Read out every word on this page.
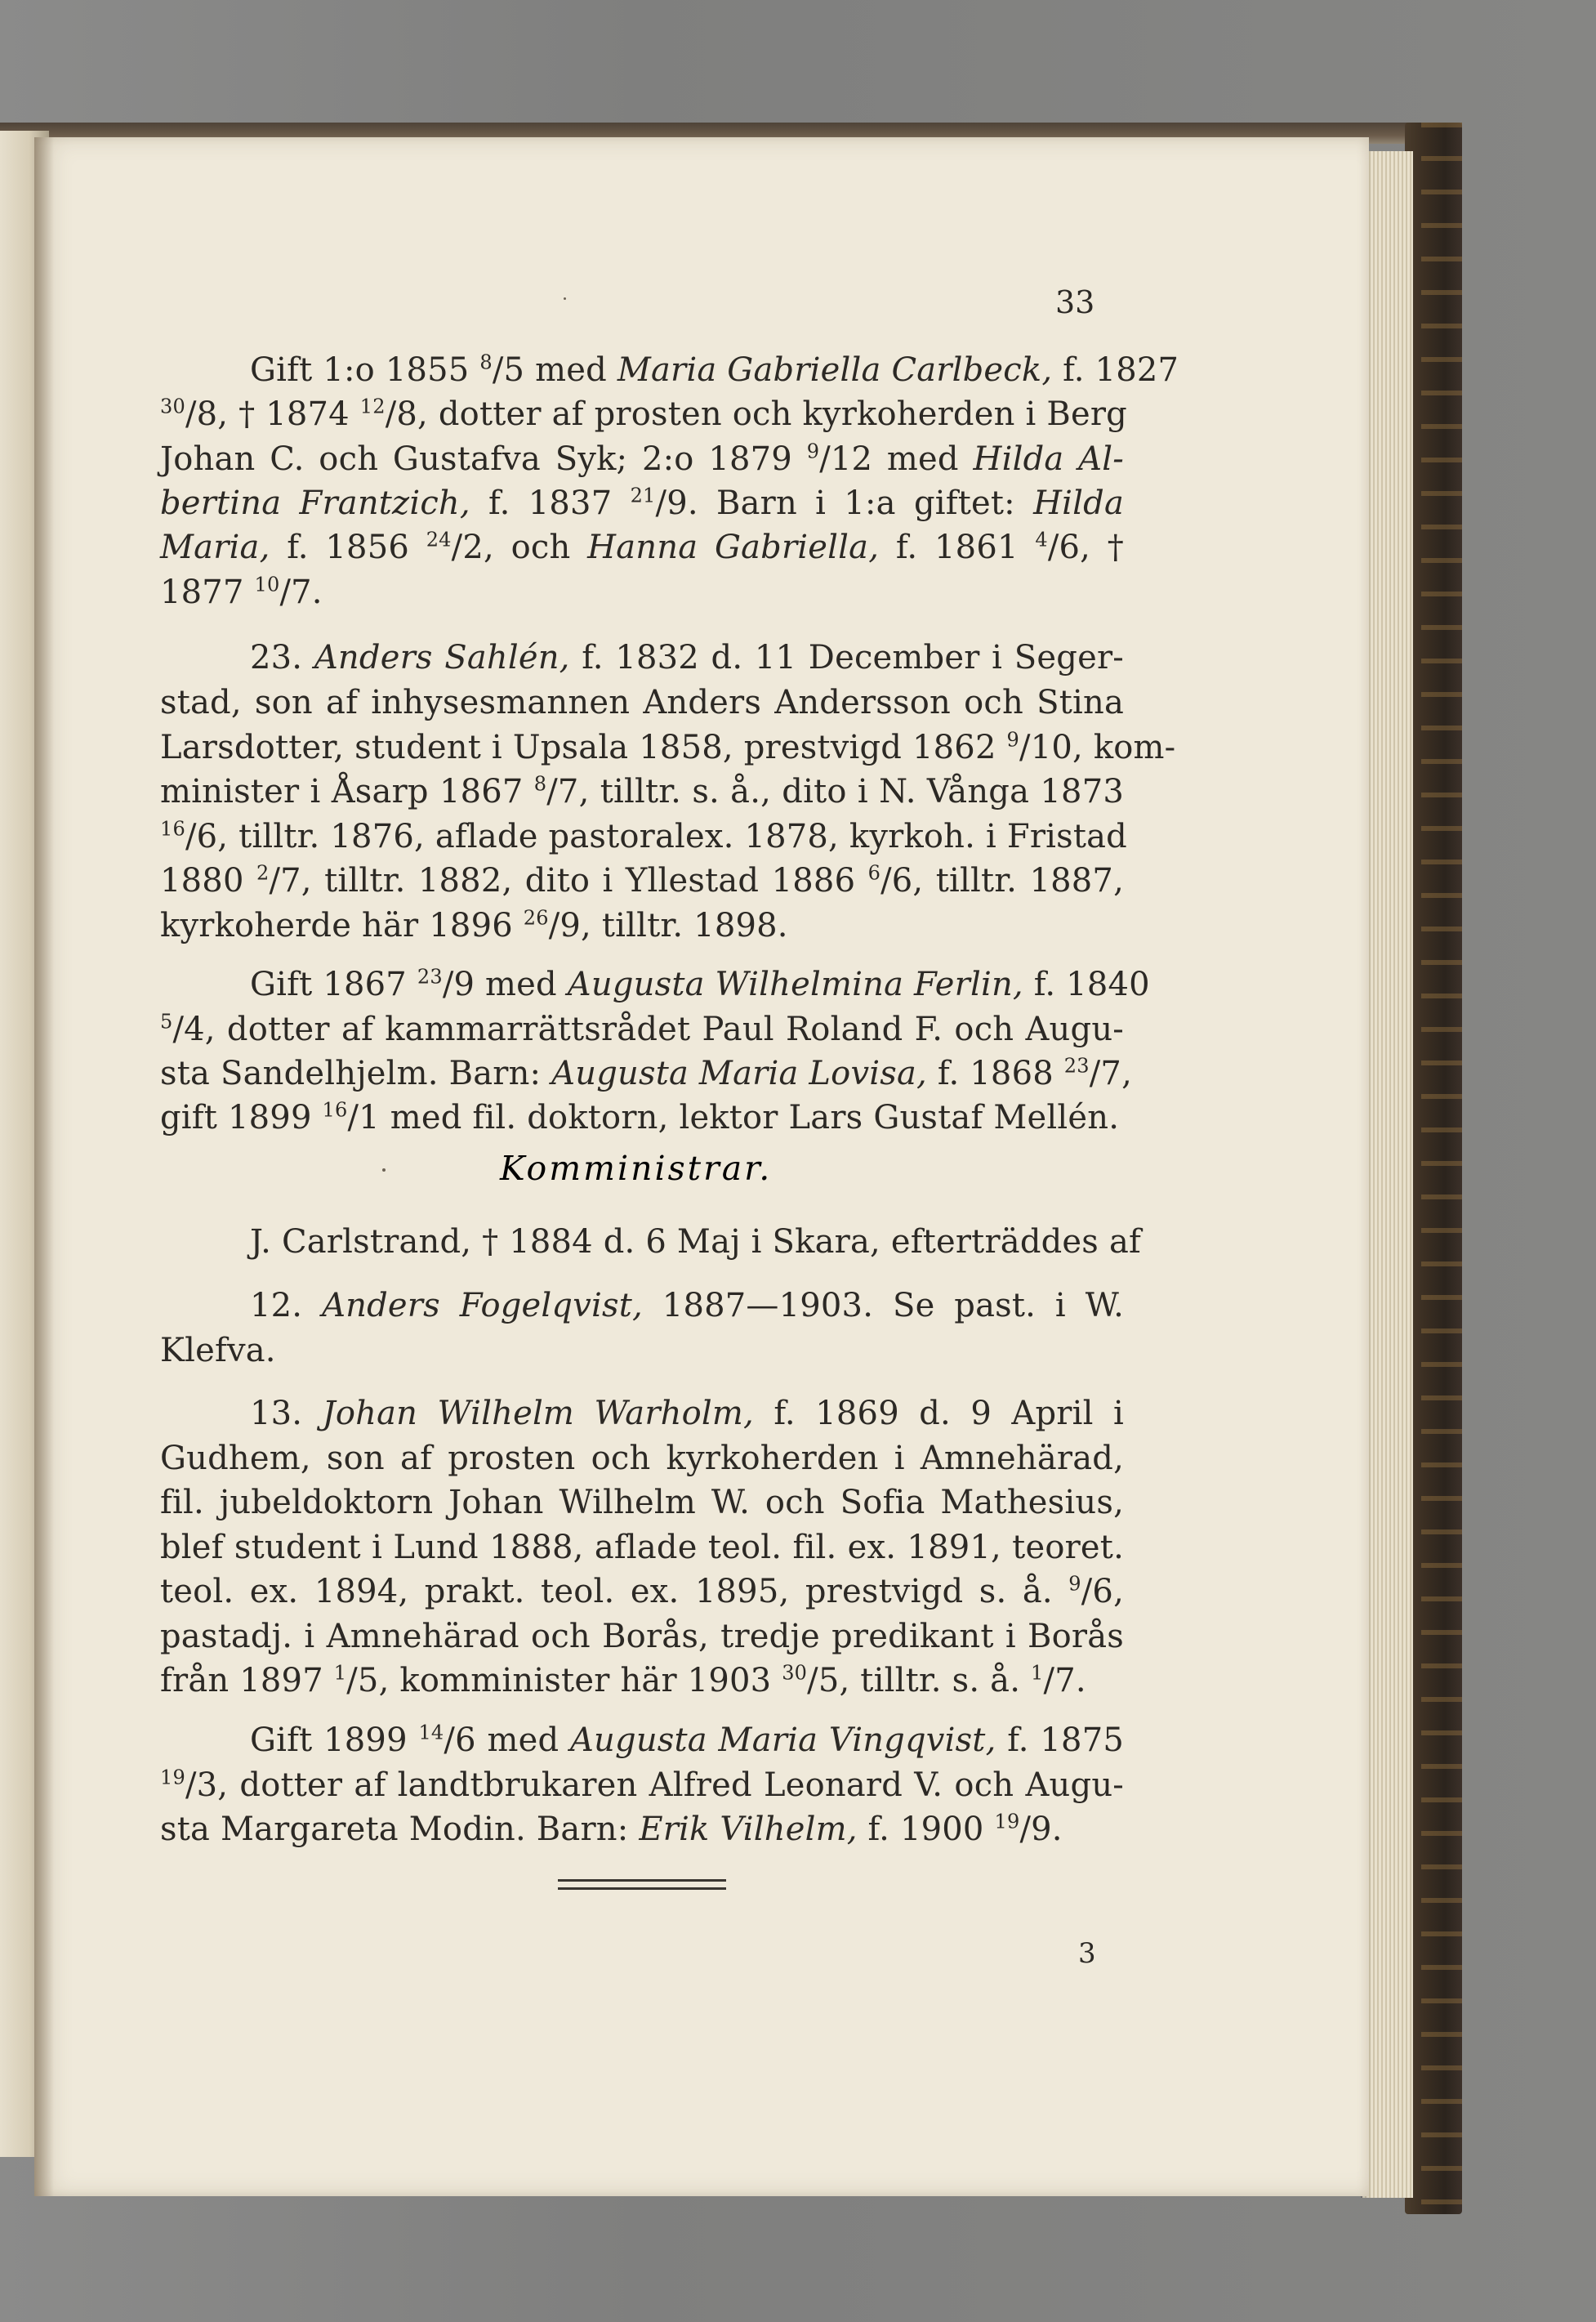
33
Gift 1:o 1855 $^8$/5 med Maria Gabriella Carlbeck, f. 1827
$^{30}$/8, † 1874 $^{12}$/8, dotter af prosten och kyrkoherden i Berg
Johan C. och Gustafva Syk; 2:o 1879 $^9$/12 med Hilda Al-
bertina Frantzich, f. 1837 $^{21}$/9. Barn i 1:a giftet: Hilda
Maria, f. 1856 $^{24}$/2, och Hanna Gabriella, f. 1861 $^4$/6, †
1877 $^{10}$/7.
23. Anders Sahlén, f. 1832 d. 11 December i Seger-
stad, son af inhysesmannen Anders Andersson och Stina
Larsdotter, student i Upsala 1858, prestvigd 1862 $^9$/10, kom-
minister i Åsarp 1867 $^8$/7, tilltr. s. å., dito i N. Vånga 1873
$^{16}$/6, tilltr. 1876, aflade pastoralex. 1878, kyrkoh. i Fristad
1880 $^2$/7, tilltr. 1882, dito i Yllestad 1886 $^6$/6, tilltr. 1887,
kyrkoherde här 1896 $^{26}$/9, tilltr. 1898.
Gift 1867 $^{23}$/9 med Augusta Wilhelmina Ferlin, f. 1840
$^5$/4, dotter af kammarrättsrådet Paul Roland F. och Augu-
sta Sandelhjelm. Barn: Augusta Maria Lovisa, f. 1868 $^{23}$/7,
gift 1899 $^{16}$/1 med fil. doktorn, lektor Lars Gustaf Mellén.
J. Carlstrand, † 1884 d. 6 Maj i Skara, efterträddes af
12. Anders Fogelqvist, 1887—1903. Se past. i W.
Klefva.
13. Johan Wilhelm Warholm, f. 1869 d. 9 April i
Gudhem, son af prosten och kyrkoherden i Amnehärad,
fil. jubeldoktorn Johan Wilhelm W. och Sofia Mathesius,
blef student i Lund 1888, aflade teol. fil. ex. 1891, teoret.
teol. ex. 1894, prakt. teol. ex. 1895, prestvigd s. å. $^9$/6,
pastadj. i Amnehärad och Borås, tredje predikant i Borås
från 1897 $^1$/5, komminister här 1903 $^{30}$/5, tilltr. s. å. $^1$/7.
Gift 1899 $^{14}$/6 med Augusta Maria Vingqvist, f. 1875
$^{19}$/3, dotter af landtbrukaren Alfred Leonard V. och Augu-
sta Margareta Modin. Barn: Erik Vilhelm, f. 1900 $^{19}$/9.
Komministrar.
3
